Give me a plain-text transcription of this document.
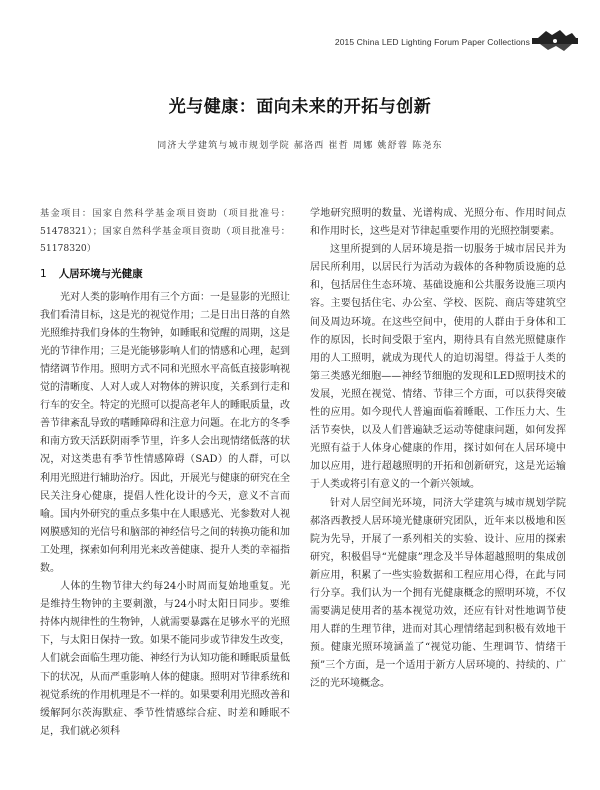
2015 China LED Lighting Forum Paper Collections
光与健康：面向未来的开拓与创新
同济大学建筑与城市规划学院 郝洛西 崔哲 周娜 姚舒蓉 陈尧东

基金项目：国家自然科学基金项目资助（项目批准号：51478321）；国家自然科学基金项目资助（项目批准号：51178320）

1 人居环境与光健康

光对人类的影响作用有三个方面：一是显影的光照让我们看清目标，这是光的视觉作用；二是日出日落的自然光照维持我们身体的生物钟，如睡眠和觉醒的周期，这是光的节律作用；三是光能够影响人们的情感和心理，起到情绪调节作用。照明方式不同和光照水平高低直接影响视觉的清晰度、人对人或人对物体的辨识度，关系到行走和行车的安全。特定的光照可以提高老年人的睡眠质量，改善节律紊乱导致的嗜睡障碍和注意力问题。在北方的冬季和南方致天活跃阴雨季节里，许多人会出现情绪低落的状况，对这类患有季节性情感障碍（SAD）的人群，可以利用光照进行辅助治疗。因此，开展光与健康的研究在全民关注身心健康，提倡人性化设计的今天，意义不言而喻。国内外研究的重点多集中在人眼感光、光参数对人视网膜感知的光信号和脑部的神经信号之间的转换功能和加工处理，探索如何利用光来改善健康、提升人类的幸福指数。

人体的生物节律大约每24小时周而复始地重复。光是维持生物钟的主要刺激，与24小时太阳日同步。要维持体内规律性的生物钟，人就需要暴露在足够水平的光照下，与太阳日保持一致。如果不能同步或节律发生改变，人们就会面临生理功能、神经行为认知功能和睡眠质量低下的状况，从而严重影响人体的健康。照明对节律系统和视觉系统的作用机理是不一样的。如果要利用光照改善和缓解阿尔茨海默症、季节性情感综合症、时差和睡眠不足，我们就必须科

学地研究照明的数量、光谱构成、光照分布、作用时间点和作用时长，这些是对节律起重要作用的光照控制要素。

这里所提到的人居环境是指一切服务于城市居民并为居民所利用，以居民行为活动为载体的各种物质设施的总和，包括居住生态环境、基础设施和公共服务设施三项内容。主要包括住宅、办公室、学校、医院、商店等建筑空间及周边环境。在这些空间中，使用的人群由于身体和工作的原因，长时间受限于室内，期待具有自然光照健康作用的人工照明，就成为现代人的迫切渴望。得益于人类的第三类感光细胞——神经节细胞的发现和LED照明技术的发展，光照在视觉、情绪、节律三个方面，可以获得突破性的应用。如今现代人普遍面临着睡眠、工作压力大、生活节奏快，以及人们普遍缺乏运动等健康问题，如何发挥光照有益于人体身心健康的作用，探讨如何在人居环境中加以应用，进行超越照明的开拓和创新研究，这是光运输于人类或将引有意义的一个新兴领域。

针对人居空间光环境，同济大学建筑与城市规划学院郝洛西教授人居环境光健康研究团队，近年来以极地和医院为先导，开展了一系列相关的实验、设计、应用的探索研究，积极倡导“光健康”理念及半导体超越照明的集成创新应用，积累了一些实验数据和工程应用心得，在此与同行分享。我们认为一个拥有光健康概念的照明环境，不仅需要满足使用者的基本视觉功效，还应有针对性地调节使用人群的生理节律，进而对其心理情绪起到积极有效地干预。健康光照环境涵盖了“视觉功能、生理调节、情绪干预”三个方面，是一个适用于新方人居环境的、持续的、广泛的光环境概念。
